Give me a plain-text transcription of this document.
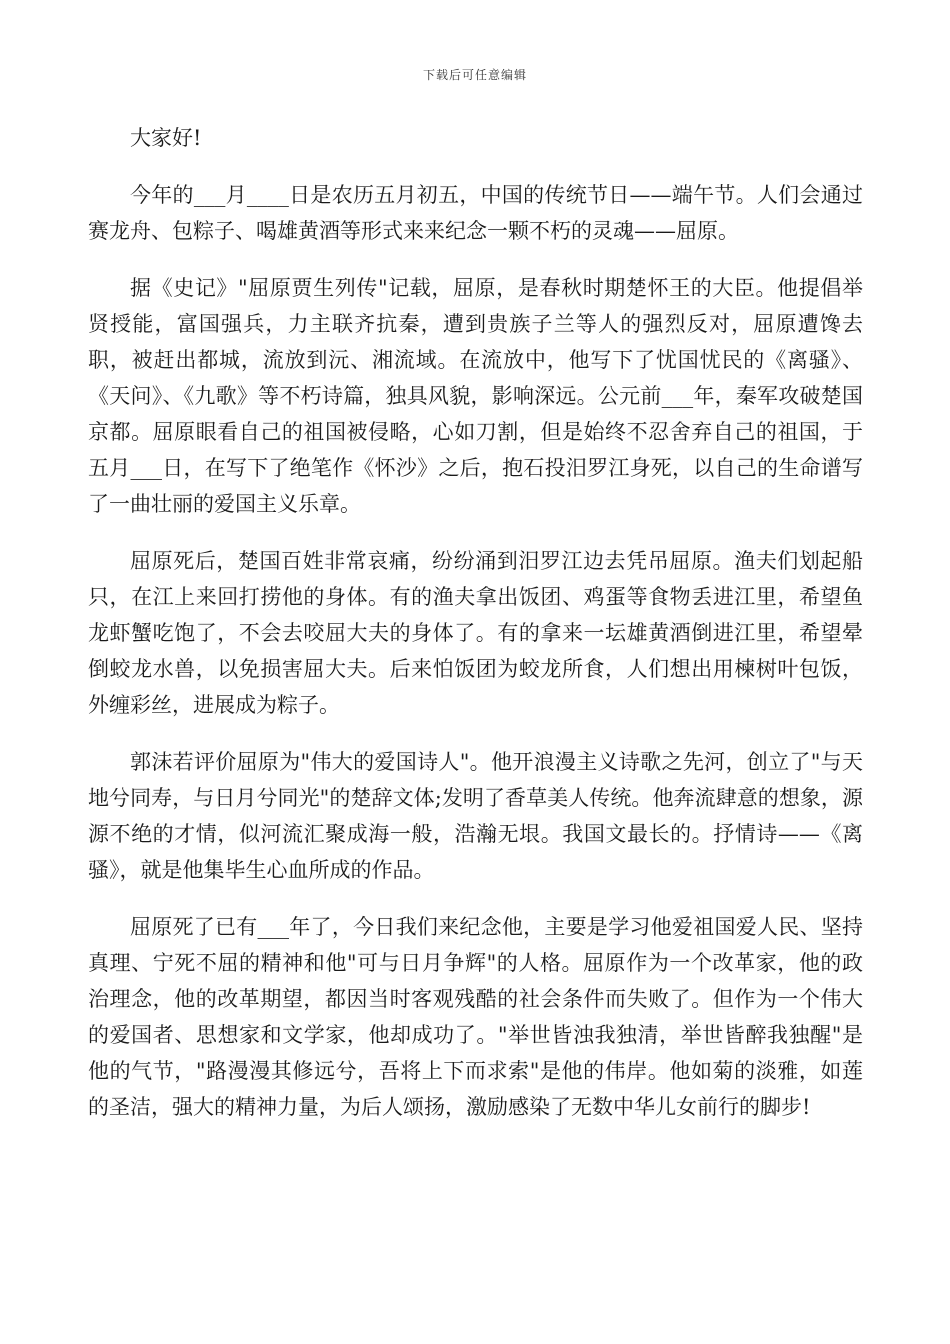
下载后可任意编辑

大家好!

今年的___月____日是农历五月初五，中国的传统节日——端午节。人们会通过赛龙舟、包粽子、喝雄黄酒等形式来来纪念一颗不朽的灵魂——屈原。

据《史记》"屈原贾生列传"记载，屈原，是春秋时期楚怀王的大臣。他提倡举贤授能，富国强兵，力主联齐抗秦，遭到贵族子兰等人的强烈反对，屈原遭馋去职，被赶出都城，流放到沅、湘流域。在流放中，他写下了忧国忧民的《离骚》、《天问》、《九歌》等不朽诗篇，独具风貌，影响深远。公元前___年，秦军攻破楚国京都。屈原眼看自己的祖国被侵略，心如刀割，但是始终不忍舍弃自己的祖国，于五月___日，在写下了绝笔作《怀沙》之后，抱石投汨罗江身死，以自己的生命谱写了一曲壮丽的爱国主义乐章。

屈原死后，楚国百姓非常哀痛，纷纷涌到汨罗江边去凭吊屈原。渔夫们划起船只，在江上来回打捞他的身体。有的渔夫拿出饭团、鸡蛋等食物丢进江里，希望鱼龙虾蟹吃饱了，不会去咬屈大夫的身体了。有的拿来一坛雄黄酒倒进江里，希望晕倒蛟龙水兽，以免损害屈大夫。后来怕饭团为蛟龙所食，人们想出用楝树叶包饭，外缠彩丝，进展成为粽子。

郭沫若评价屈原为"伟大的爱国诗人"。他开浪漫主义诗歌之先河，创立了"与天地兮同寿，与日月兮同光"的楚辞文体;发明了香草美人传统。他奔流肆意的想象，源源不绝的才情，似河流汇聚成海一般，浩瀚无垠。我国文最长的。抒情诗——《离骚》，就是他集毕生心血所成的作品。

屈原死了已有___年了，今日我们来纪念他，主要是学习他爱祖国爱人民、坚持真理、宁死不屈的精神和他"可与日月争辉"的人格。屈原作为一个改革家，他的政治理念，他的改革期望，都因当时客观残酷的社会条件而失败了。但作为一个伟大的爱国者、思想家和文学家，他却成功了。"举世皆浊我独清，举世皆醉我独醒"是他的气节，"路漫漫其修远兮，吾将上下而求索"是他的伟岸。他如菊的淡雅，如莲的圣洁，强大的精神力量，为后人颂扬，激励感染了无数中华儿女前行的脚步!
